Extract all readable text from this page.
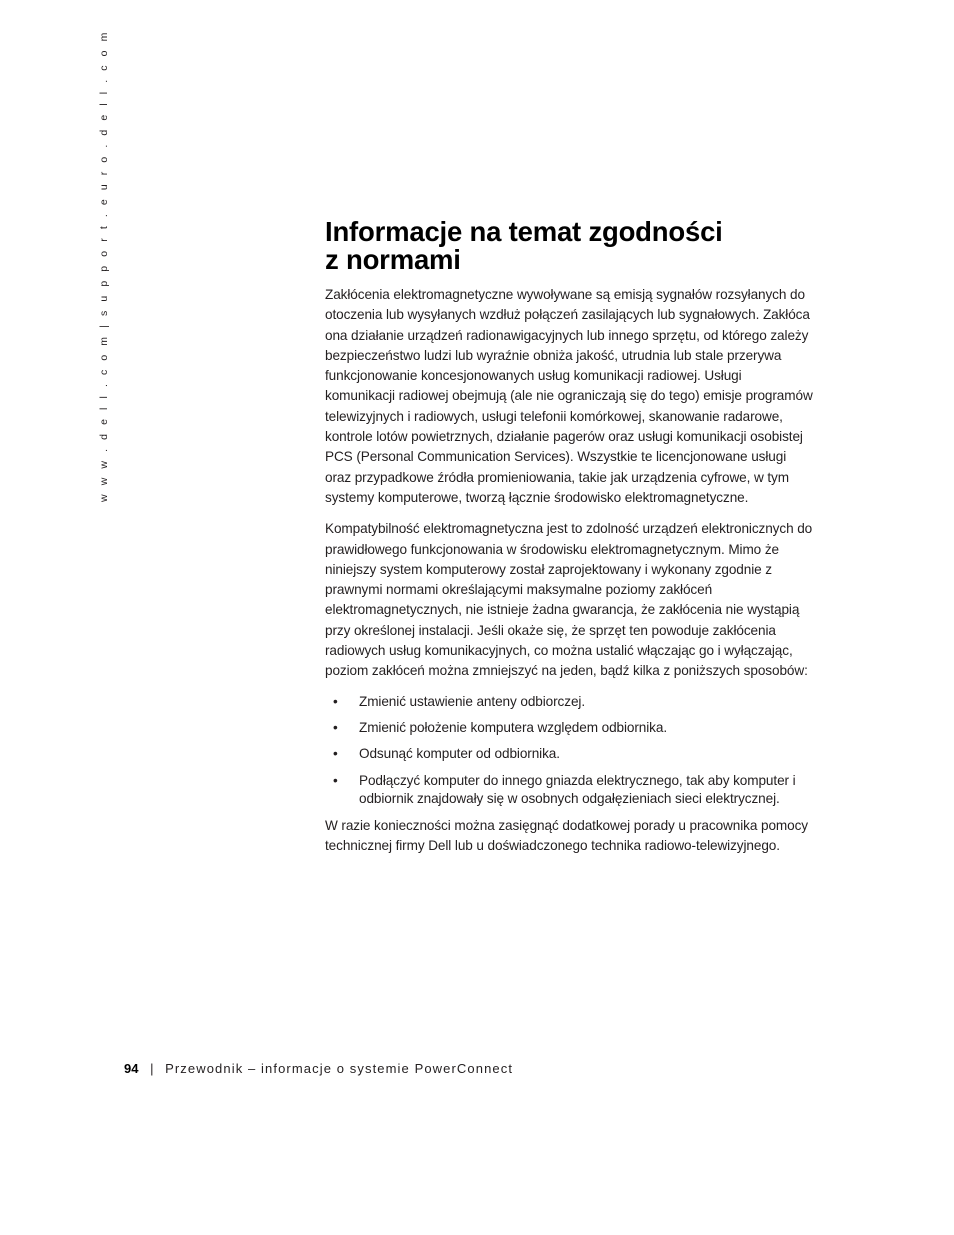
w w w . d e l l . c o m | s u p p o r t . e u r o . d e l l . c o m	Informacje na temat zgodności
z normami

Zakłócenia elektromagnetyczne wywoływane są emisją sygnałów rozsyłanych do otoczenia lub wysyłanych wzdłuż połączeń zasilających lub sygnałowych. Zakłóca ona działanie urządzeń radionawigacyjnych lub innego sprzętu, od którego zależy bezpieczeństwo ludzi lub wyraźnie obniża jakość, utrudnia lub stale przerywa funkcjonowanie koncesjonowanych usług komunikacji radiowej. Usługi komunikacji radiowej obejmują (ale nie ograniczają się do tego) emisje programów telewizyjnych i radiowych, usługi telefonii komórkowej, skanowanie radarowe, kontrole lotów powietrznych, działanie pagerów oraz usługi komunikacji osobistej PCS (Personal Communication Services). Wszystkie te licencjonowane usługi oraz przypadkowe źródła promieniowania, takie jak urządzenia cyfrowe, w tym systemy komputerowe, tworzą łącznie środowisko elektromagnetyczne.

Kompatybilność elektromagnetyczna jest to zdolność urządzeń elektronicznych do prawidłowego funkcjonowania w środowisku elektromagnetycznym. Mimo że niniejszy system komputerowy został zaprojektowany i wykonany zgodnie z prawnymi normami określającymi maksymalne poziomy zakłóceń elektromagnetycznych, nie istnieje żadna gwarancja, że zakłócenia nie wystąpią przy określonej instalacji. Jeśli okaże się, że sprzęt ten powoduje zakłócenia radiowych usług komunikacyjnych, co można ustalić włączając go i wyłączając, poziom zakłóceń można zmniejszyć na jeden, bądź kilka z poniższych sposobów:

• Zmienić ustawienie anteny odbiorczej.
• Zmienić położenie komputera względem odbiornika.
• Odsunąć komputer od odbiornika.
• Podłączyć komputer do innego gniazda elektrycznego, tak aby komputer i odbiornik znajdowały się w osobnych odgałęzieniach sieci elektrycznej.

W razie konieczności można zasięgnąć dodatkowej porady u pracownika pomocy technicznej firmy Dell lub u doświadczonego technika radiowo-telewizyjnego.

94 | Przewodnik – informacje o systemie PowerConnect
